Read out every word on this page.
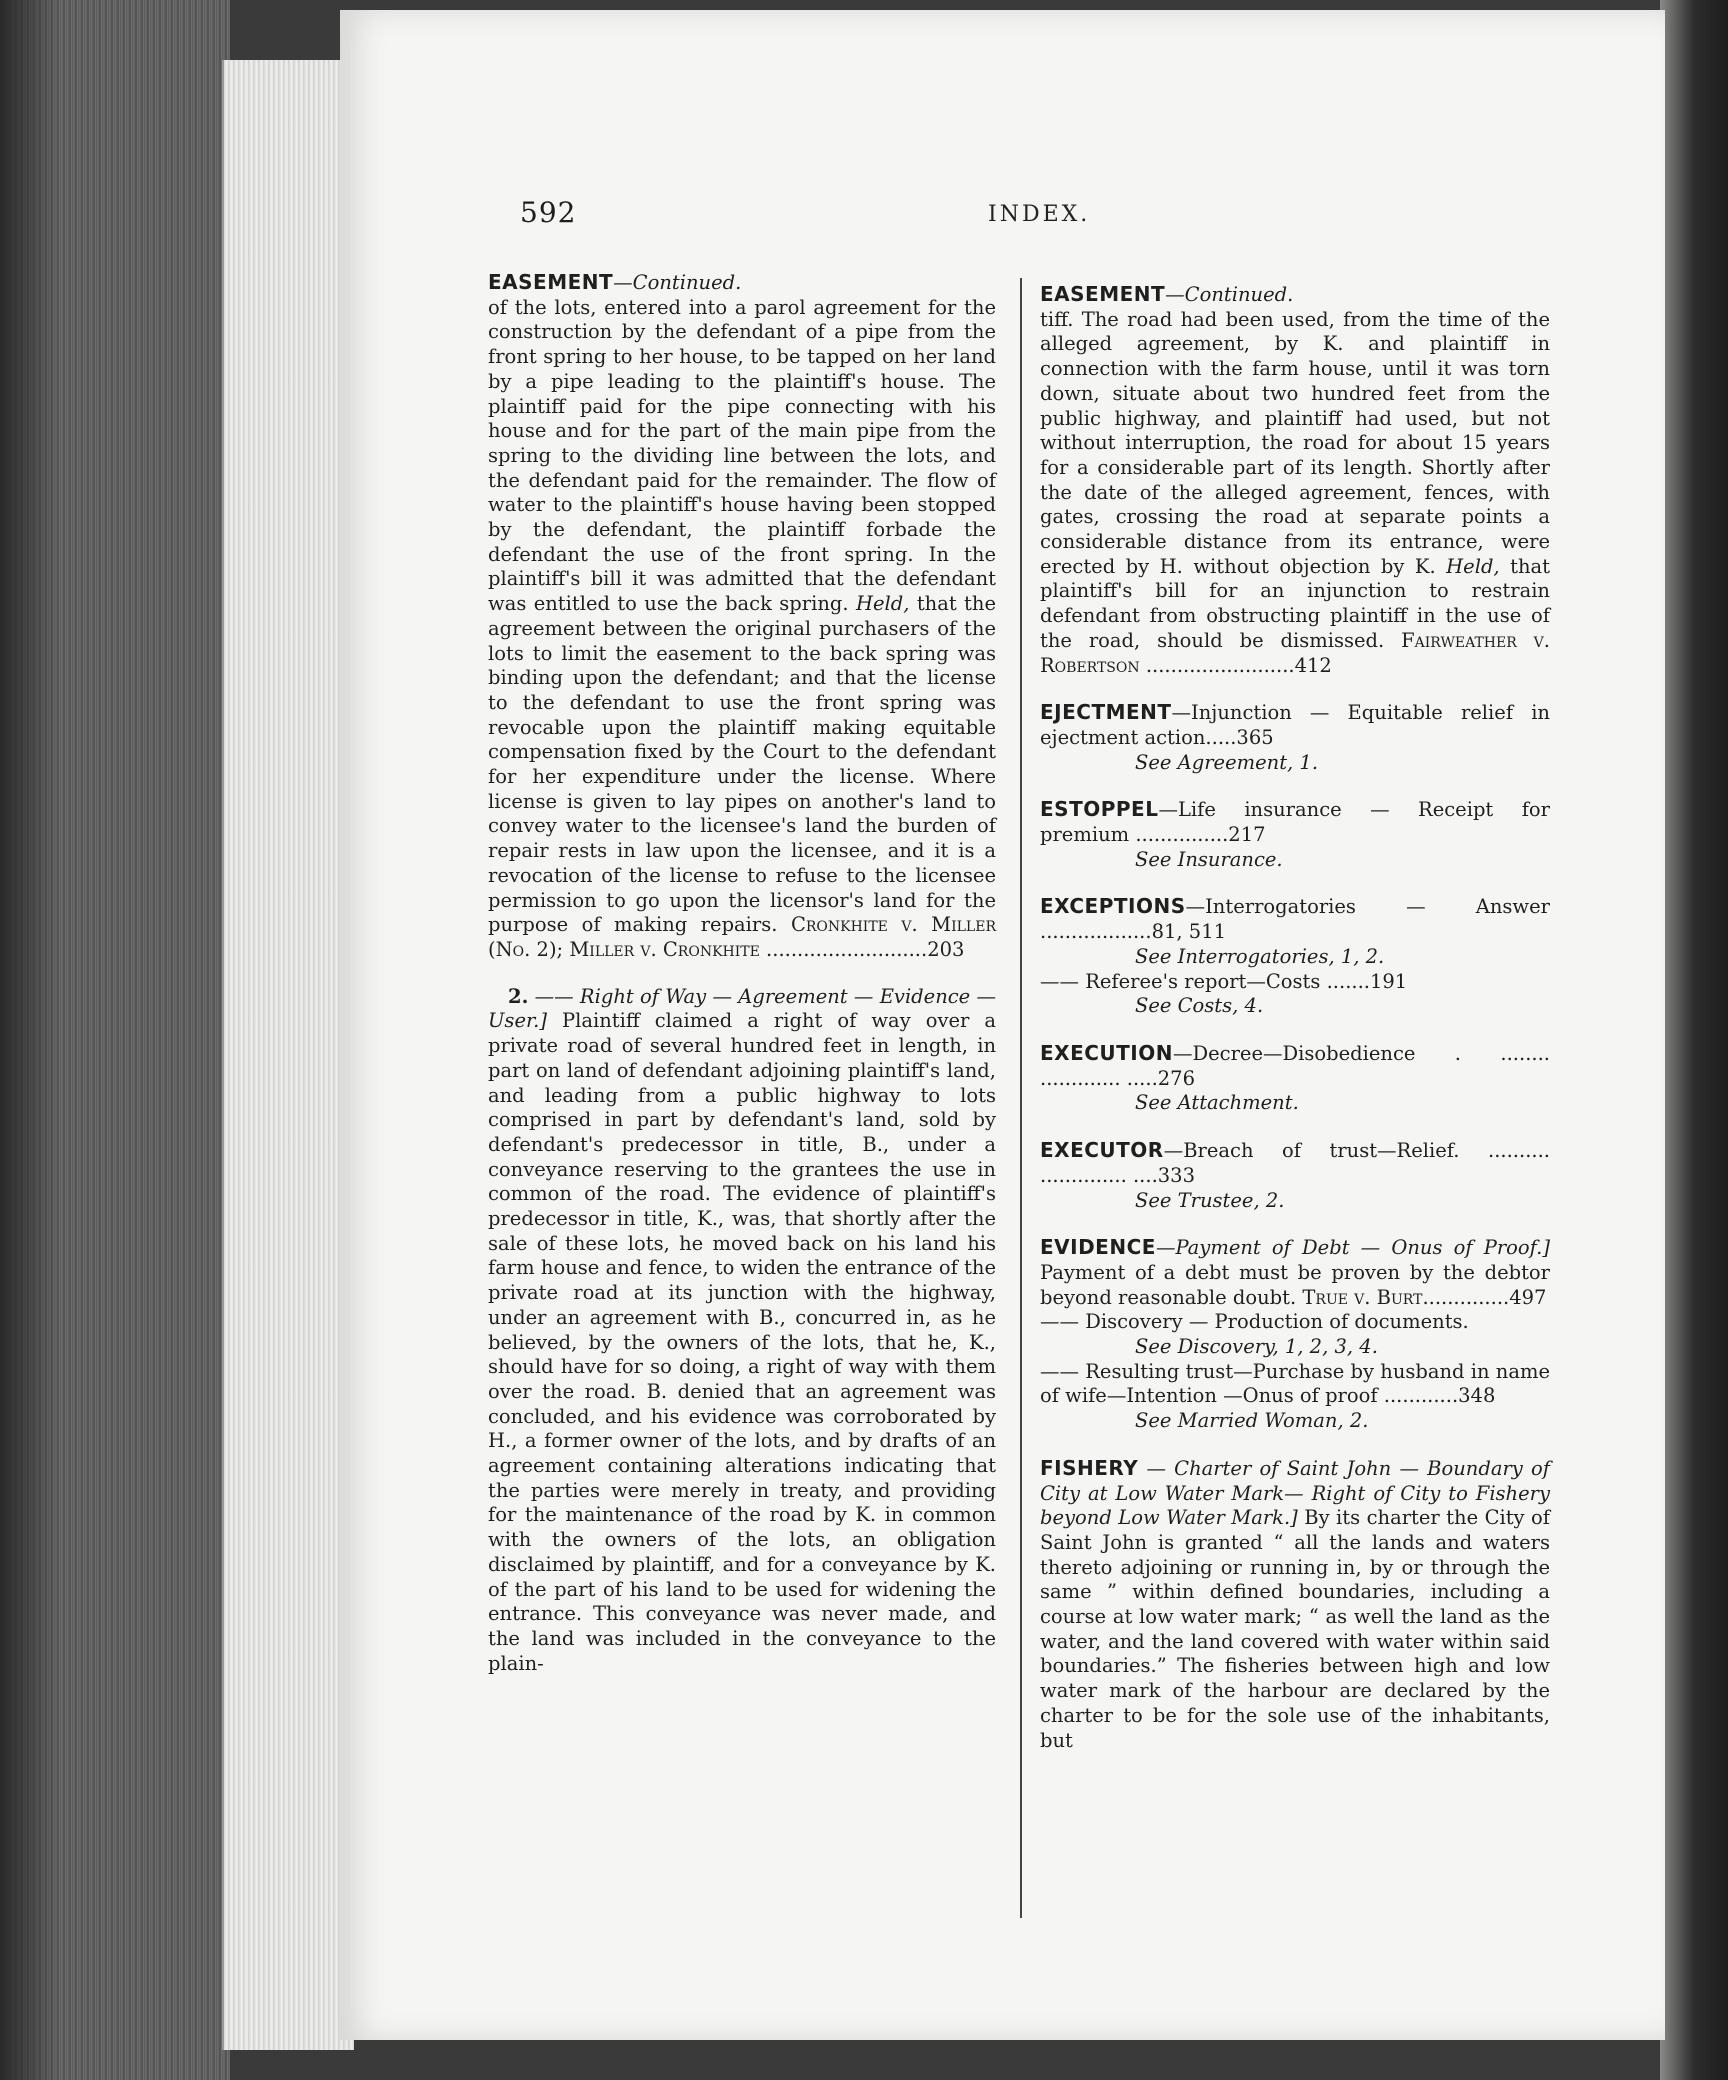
592	INDEX.

EASEMENT—Continued.

of the lots, entered into a parol agreement for the construction by the defendant of a pipe from the front spring to her house, to be tapped on her land by a pipe leading to the plaintiff's house. The plaintiff paid for the pipe connecting with his house and for the part of the main pipe from the spring to the dividing line between the lots, and the defendant paid for the remainder. The flow of water to the plaintiff's house having been stopped by the defendant, the plaintiff forbade the defendant the use of the front spring. In the plaintiff's bill it was admitted that the defendant was entitled to use the back spring. Held, that the agreement between the original purchasers of the lots to limit the easement to the back spring was binding upon the defendant; and that the license to the defendant to use the front spring was revocable upon the plaintiff making equitable compensation fixed by the Court to the defendant for her expenditure under the license. Where license is given to lay pipes on another's land to convey water to the licensee's land the burden of repair rests in law upon the licensee, and it is a revocation of the license to refuse to the licensee permission to go upon the licensor's land for the purpose of making repairs. Cronkhite v. Miller (No. 2); Miller v. Cronkhite ..........................203

2. —— Right of Way — Agreement — Evidence — User.] Plaintiff claimed a right of way over a private road of several hundred feet in length, in part on land of defendant adjoining plaintiff's land, and leading from a public highway to lots comprised in part by defendant's land, sold by defendant's predecessor in title, B., under a conveyance reserving to the grantees the use in common of the road. The evidence of plaintiff's predecessor in title, K., was, that shortly after the sale of these lots, he moved back on his land his farm house and fence, to widen the entrance of the private road at its junction with the highway, under an agreement with B., concurred in, as he believed, by the owners of the lots, that he, K., should have for so doing, a right of way with them over the road. B. denied that an agreement was concluded, and his evidence was corroborated by H., a former owner of the lots, and by drafts of an agreement containing alterations indicating that the parties were merely in treaty, and providing for the maintenance of the road by K. in common with the owners of the lots, an obligation disclaimed by plaintiff, and for a conveyance by K. of the part of his land to be used for widening the entrance. This conveyance was never made, and the land was included in the conveyance to the plain-

EASEMENT—Continued.

tiff. The road had been used, from the time of the alleged agreement, by K. and plaintiff in connection with the farm house, until it was torn down, situate about two hundred feet from the public highway, and plaintiff had used, but not without interruption, the road for about 15 years for a considerable part of its length. Shortly after the date of the alleged agreement, fences, with gates, crossing the road at separate points a considerable distance from its entrance, were erected by H. without objection by K. Held, that plaintiff's bill for an injunction to restrain defendant from obstructing plaintiff in the use of the road, should be dismissed. Fairweather v. Robertson ........................412

EJECTMENT—Injunction — Equitable relief in ejectment action.....365

See Agreement, 1.

ESTOPPEL—Life insurance — Receipt for premium ...............217

See Insurance.

EXCEPTIONS—Interrogatories — Answer ..................81, 511

See Interrogatories, 1, 2.

—— Referee's report—Costs .......191

See Costs, 4.

EXECUTION—Decree—Disobedience . ........ ............. .....276

See Attachment.

EXECUTOR—Breach of trust—Relief. .......... .............. ....333

See Trustee, 2.

EVIDENCE—Payment of Debt — Onus of Proof.] Payment of a debt must be proven by the debtor beyond reasonable doubt. True v. Burt..............497

—— Discovery — Production of documents.

See Discovery, 1, 2, 3, 4.

—— Resulting trust—Purchase by husband in name of wife—Intention —Onus of proof ............348

See Married Woman, 2.

FISHERY — Charter of Saint John — Boundary of City at Low Water Mark— Right of City to Fishery beyond Low Water Mark.] By its charter the City of Saint John is granted “ all the lands and waters thereto adjoining or running in, by or through the same ” within defined boundaries, including a course at low water mark; “ as well the land as the water, and the land covered with water within said boundaries.” The fisheries between high and low water mark of the harbour are declared by the charter to be for the sole use of the inhabitants, but
